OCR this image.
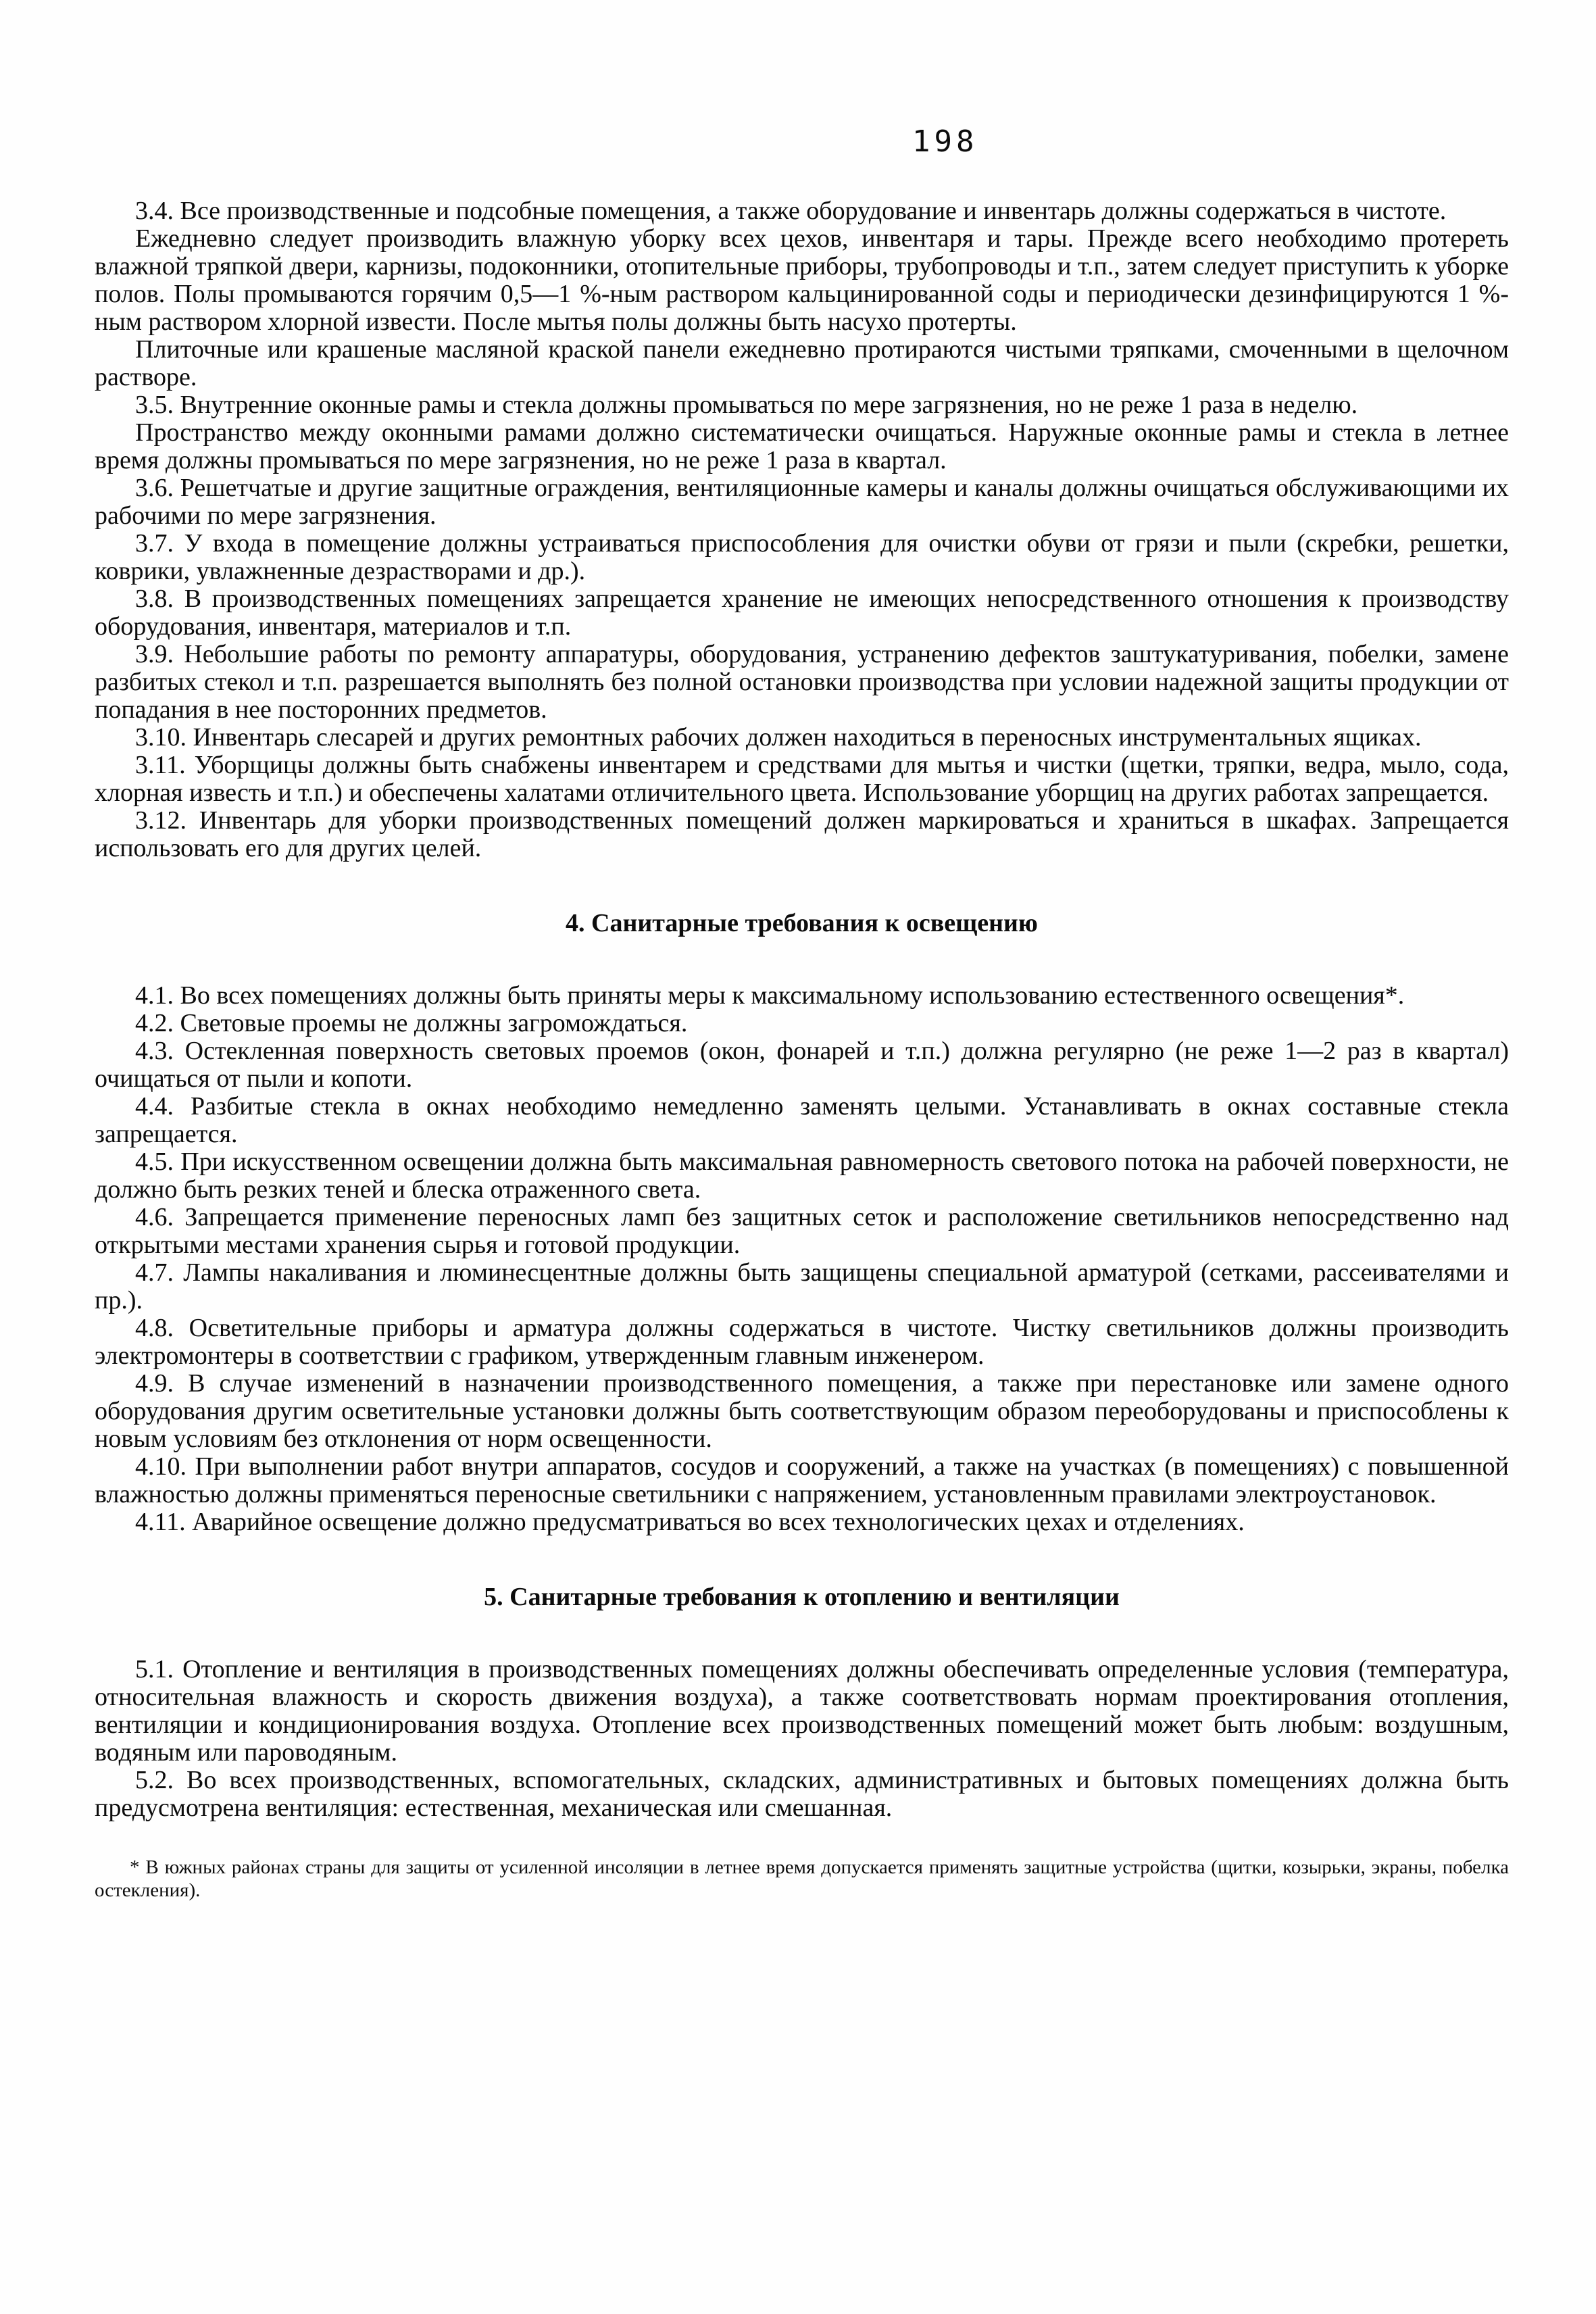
198

3.4. Все производственные и подсобные помещения, а также оборудование и инвентарь должны содержаться в чистоте.

Ежедневно следует производить влажную уборку всех цехов, инвентаря и тары. Прежде всего необходимо протереть влажной тряпкой двери, карнизы, подоконники, отопительные приборы, трубопроводы и т.п., затем следует приступить к уборке полов. Полы промываются горячим 0,5—1 %-ным раствором кальцинированной соды и периодически дезинфицируются 1 %-ным раствором хлорной извести. После мытья полы должны быть насухо протерты.

Плиточные или крашеные масляной краской панели ежедневно протираются чистыми тряпками, смоченными в щелочном растворе.

3.5. Внутренние оконные рамы и стекла должны промываться по мере загрязнения, но не реже 1 раза в неделю.

Пространство между оконными рамами должно систематически очищаться. Наружные оконные рамы и стекла в летнее время должны промываться по мере загрязнения, но не реже 1 раза в квартал.

3.6. Решетчатые и другие защитные ограждения, вентиляционные камеры и каналы должны очищаться обслуживающими их рабочими по мере загрязнения.

3.7. У входа в помещение должны устраиваться приспособления для очистки обуви от грязи и пыли (скребки, решетки, коврики, увлажненные дезрастворами и др.).

3.8. В производственных помещениях запрещается хранение не имеющих непосредственного отношения к производству оборудования, инвентаря, материалов и т.п.

3.9. Небольшие работы по ремонту аппаратуры, оборудования, устранению дефектов заштукатуривания, побелки, замене разбитых стекол и т.п. разрешается выполнять без полной остановки производства при условии надежной защиты продукции от попадания в нее посторонних предметов.

3.10. Инвентарь слесарей и других ремонтных рабочих должен находиться в переносных инструментальных ящиках.

3.11. Уборщицы должны быть снабжены инвентарем и средствами для мытья и чистки (щетки, тряпки, ведра, мыло, сода, хлорная известь и т.п.) и обеспечены халатами отличительного цвета. Использование уборщиц на других работах запрещается.

3.12. Инвентарь для уборки производственных помещений должен маркироваться и храниться в шкафах. Запрещается использовать его для других целей.

4. Санитарные требования к освещению

4.1. Во всех помещениях должны быть приняты меры к максимальному использованию естественного освещения*.

4.2. Световые проемы не должны загромождаться.

4.3. Остекленная поверхность световых проемов (окон, фонарей и т.п.) должна регулярно (не реже 1—2 раз в квартал) очищаться от пыли и копоти.

4.4. Разбитые стекла в окнах необходимо немедленно заменять целыми. Устанавливать в окнах составные стекла запрещается.

4.5. При искусственном освещении должна быть максимальная равномерность светового потока на рабочей поверхности, не должно быть резких теней и блеска отраженного света.

4.6. Запрещается применение переносных ламп без защитных сеток и расположение светильников непосредственно над открытыми местами хранения сырья и готовой продукции.

4.7. Лампы накаливания и люминесцентные должны быть защищены специальной арматурой (сетками, рассеивателями и пр.).

4.8. Осветительные приборы и арматура должны содержаться в чистоте. Чистку светильников должны производить электромонтеры в соответствии с графиком, утвержденным главным инженером.

4.9. В случае изменений в назначении производственного помещения, а также при перестановке или замене одного оборудования другим осветительные установки должны быть соответствующим образом переоборудованы и приспособлены к новым условиям без отклонения от норм освещенности.

4.10. При выполнении работ внутри аппаратов, сосудов и сооружений, а также на участках (в помещениях) с повышенной влажностью должны применяться переносные светильники с напряжением, установленным правилами электроустановок.

4.11. Аварийное освещение должно предусматриваться во всех технологических цехах и отделениях.

5. Санитарные требования к отоплению и вентиляции

5.1. Отопление и вентиляция в производственных помещениях должны обеспечивать определенные условия (температура, относительная влажность и скорость движения воздуха), а также соответствовать нормам проектирования отопления, вентиляции и кондиционирования воздуха. Отопление всех производственных помещений может быть любым: воздушным, водяным или пароводяным.

5.2. Во всех производственных, вспомогательных, складских, административных и бытовых помещениях должна быть предусмотрена вентиляция: естественная, механическая или смешанная.

* В южных районах страны для защиты от усиленной инсоляции в летнее время допускается применять защитные устройства (щитки, козырьки, экраны, побелка остекления).
